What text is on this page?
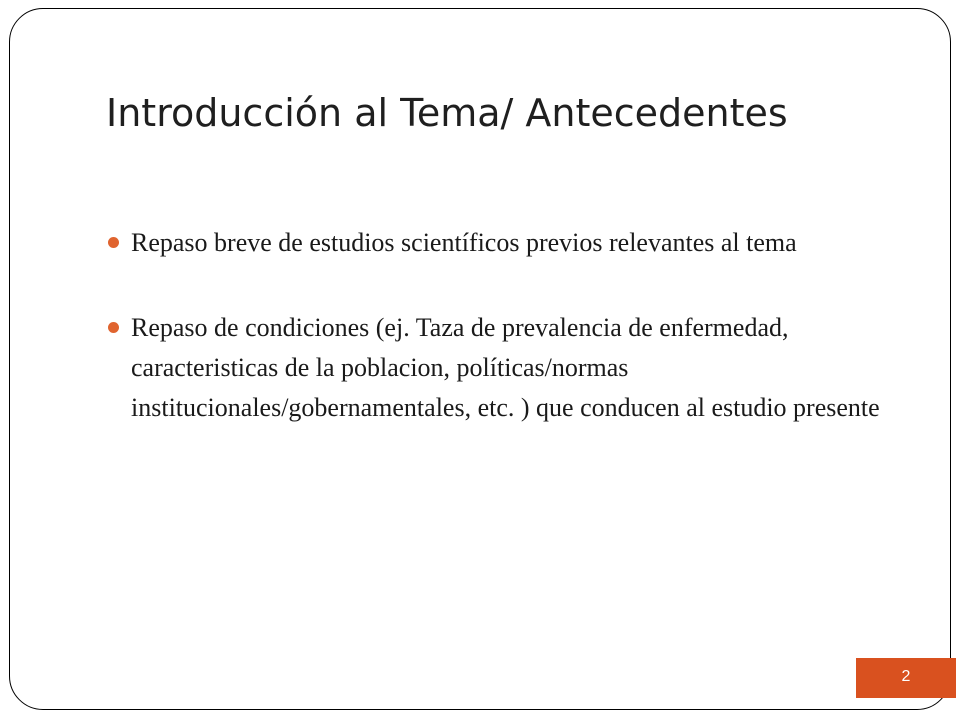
Introducción al Tema/ Antecedentes
Repaso breve de estudios scientíficos previos relevantes al tema
Repaso de condiciones (ej. Taza de prevalencia de enfermedad, caracteristicas de la poblacion, políticas/normas institucionales/gobernamentales, etc. ) que conducen al estudio presente
2
